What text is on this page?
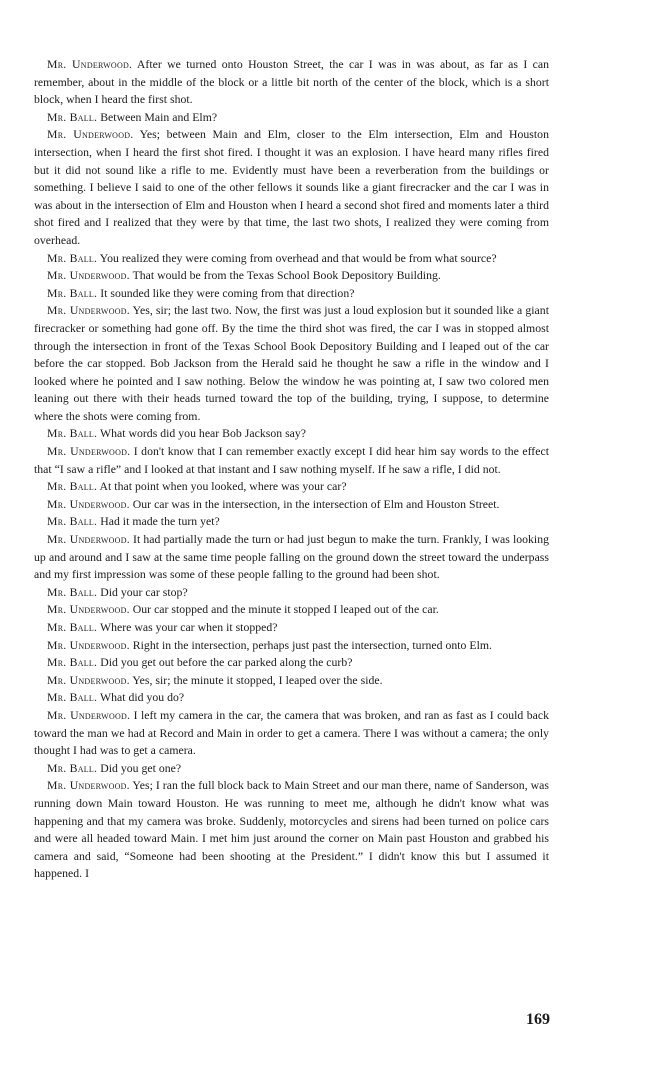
Mr. Underwood. After we turned onto Houston Street, the car I was in was about, as far as I can remember, about in the middle of the block or a little bit north of the center of the block, which is a short block, when I heard the first shot.

Mr. Ball. Between Main and Elm?

Mr. Underwood. Yes; between Main and Elm, closer to the Elm intersection, Elm and Houston intersection, when I heard the first shot fired. I thought it was an explosion. I have heard many rifles fired but it did not sound like a rifle to me. Evidently must have been a reverberation from the buildings or something. I believe I said to one of the other fellows it sounds like a giant firecracker and the car I was in was about in the intersection of Elm and Houston when I heard a second shot fired and moments later a third shot fired and I realized that they were by that time, the last two shots, I realized they were coming from overhead.

Mr. Ball. You realized they were coming from overhead and that would be from what source?

Mr. Underwood. That would be from the Texas School Book Depository Building.

Mr. Ball. It sounded like they were coming from that direction?

Mr. Underwood. Yes, sir; the last two. Now, the first was just a loud explosion but it sounded like a giant firecracker or something had gone off. By the time the third shot was fired, the car I was in stopped almost through the intersection in front of the Texas School Book Depository Building and I leaped out of the car before the car stopped. Bob Jackson from the Herald said he thought he saw a rifle in the window and I looked where he pointed and I saw nothing. Below the window he was pointing at, I saw two colored men leaning out there with their heads turned toward the top of the building, trying, I suppose, to determine where the shots were coming from.

Mr. Ball. What words did you hear Bob Jackson say?

Mr. Underwood. I don't know that I can remember exactly except I did hear him say words to the effect that “I saw a rifle” and I looked at that instant and I saw nothing myself. If he saw a rifle, I did not.

Mr. Ball. At that point when you looked, where was your car?

Mr. Underwood. Our car was in the intersection, in the intersection of Elm and Houston Street.

Mr. Ball. Had it made the turn yet?

Mr. Underwood. It had partially made the turn or had just begun to make the turn. Frankly, I was looking up and around and I saw at the same time people falling on the ground down the street toward the underpass and my first impression was some of these people falling to the ground had been shot.

Mr. Ball. Did your car stop?

Mr. Underwood. Our car stopped and the minute it stopped I leaped out of the car.

Mr. Ball. Where was your car when it stopped?

Mr. Underwood. Right in the intersection, perhaps just past the intersection, turned onto Elm.

Mr. Ball. Did you get out before the car parked along the curb?

Mr. Underwood. Yes, sir; the minute it stopped, I leaped over the side.

Mr. Ball. What did you do?

Mr. Underwood. I left my camera in the car, the camera that was broken, and ran as fast as I could back toward the man we had at Record and Main in order to get a camera. There I was without a camera; the only thought I had was to get a camera.

Mr. Ball. Did you get one?

Mr. Underwood. Yes; I ran the full block back to Main Street and our man there, name of Sanderson, was running down Main toward Houston. He was running to meet me, although he didn't know what was happening and that my camera was broke. Suddenly, motorcycles and sirens had been turned on police cars and were all headed toward Main. I met him just around the corner on Main past Houston and grabbed his camera and said, “Someone had been shooting at the President.” I didn't know this but I assumed it happened. I

169
